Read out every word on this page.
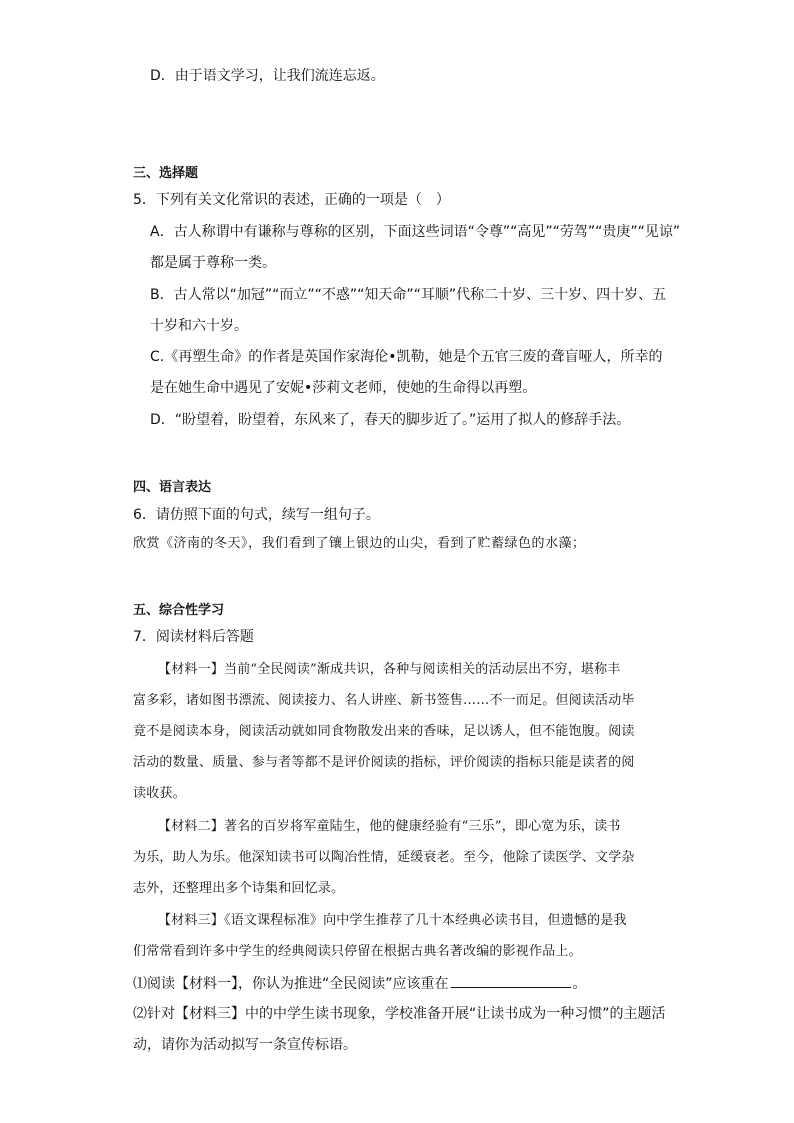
D．由于语文学习，让我们流连忘返。
三、选择题
5．下列有关文化常识的表述，正确的一项是（　）
A．古人称谓中有谦称与尊称的区别，下面这些词语“令尊”“高见”“劳驾”“贵庚”“见谅”
都是属于尊称一类。
B．古人常以“加冠”“而立”“不惑”“知天命”“耳顺”代称二十岁、三十岁、四十岁、五
十岁和六十岁。
C.《再塑生命》的作者是英国作家海伦•凯勒，她是个五官三废的聋盲哑人，所幸的
是在她生命中遇见了安妮•莎莉文老师，使她的生命得以再塑。
D．“盼望着，盼望着，东风来了，春天的脚步近了。”运用了拟人的修辞手法。
四、语言表达
6．请仿照下面的句式，续写一组句子。
欣赏《济南的冬天》，我们看到了镶上银边的山尖，看到了贮蓄绿色的水藻；
五、综合性学习
7．阅读材料后答题
【材料一】当前“全民阅读”渐成共识，各种与阅读相关的活动层出不穷，堪称丰
富多彩，诸如图书漂流、阅读接力、名人讲座、新书签售……不一而足。但阅读活动毕
竟不是阅读本身，阅读活动就如同食物散发出来的香味，足以诱人，但不能饱腹。阅读
活动的数量、质量、参与者等都不是评价阅读的指标，评价阅读的指标只能是读者的阅
读收获。
【材料二】著名的百岁将军童陆生，他的健康经验有“三乐”，即心宽为乐，读书
为乐，助人为乐。他深知读书可以陶冶性情，延缓衰老。至今，他除了读医学、文学杂
志外，还整理出多个诗集和回忆录。
【材料三】《语文课程标准》向中学生推荐了几十本经典必读书目，但遗憾的是我
们常常看到许多中学生的经典阅读只停留在根据古典名著改编的影视作品上。
⑴阅读【材料一】，你认为推进“全民阅读”应该重在	。
⑵针对【材料三】中的中学生读书现象，学校准备开展“让读书成为一种习惯”的主题活
动，请你为活动拟写一条宣传标语。
